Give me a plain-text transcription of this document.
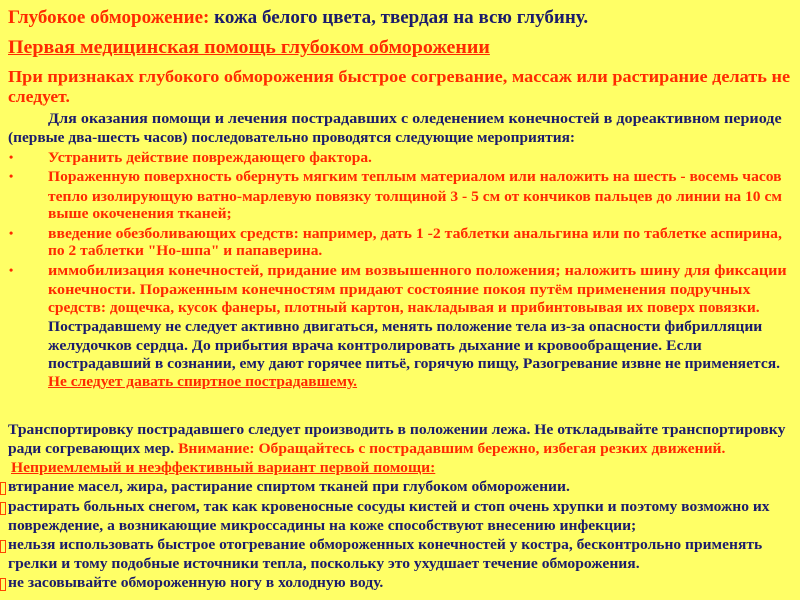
Глубокое обморожение: кожа белого цвета, твердая на всю глубину.
Первая медицинская помощь глубоком обморожении
При признаках глубокого обморожения быстрое согревание, массаж или растирание делать не
следует.
Для оказания помощи и лечения пострадавших с оледенением конечностей в дореактивном периоде
(первые два-шесть часов) последовательно проводятся следующие мероприятия:
• Устранить действие повреждающего фактора.
• Пораженную поверхность обернуть мягким теплым материалом или наложить на шесть - восемь часов
тепло изолирующую ватно-марлевую повязку толщиной 3 - 5 см от кончиков пальцев до линии на 10 см
выше окоченения тканей;
• введение обезболивающих средств: например, дать 1 -2 таблетки анальгина или по таблетке аспирина,
по 2 таблетки "Но-шпа" и папаверина.
• иммобилизация конечностей, придание им возвышенного положения; наложить шину для фиксации
конечности. Пораженным конечностям придают состояние покоя путём применения подручных
средств: дощечка, кусок фанеры, плотный картон, накладывая и прибинтовывая их поверх повязки.
Пострадавшему не следует активно двигаться, менять положение тела из-за опасности фибрилляции
желудочков сердца. До прибытия врача контролировать дыхание и кровообращение. Если
пострадавший в сознании, ему дают горячее питьё, горячую пищу, Разогревание извне не применяется.
Не следует давать спиртное пострадавшему.
Транспортировку пострадавшего следует производить в положении лежа. Не откладывайте транспортировку
ради согревающих мер. Внимание: Обращайтесь с пострадавшим бережно, избегая резких движений.
Неприемлемый и неэффективный вариант первой помощи:
втирание масел, жира, растирание спиртом тканей при глубоком обморожении.
растирать больных снегом, так как кровеносные сосуды кистей и стоп очень хрупки и поэтому возможно их
повреждение, а возникающие микроссадины на коже способствуют внесению инфекции;
нельзя использовать быстрое отогревание обмороженных конечностей у костра, бесконтрольно применять
грелки и тому подобные источники тепла, поскольку это ухудшает течение обморожения.
не засовывайте обмороженную ногу в холодную воду.
